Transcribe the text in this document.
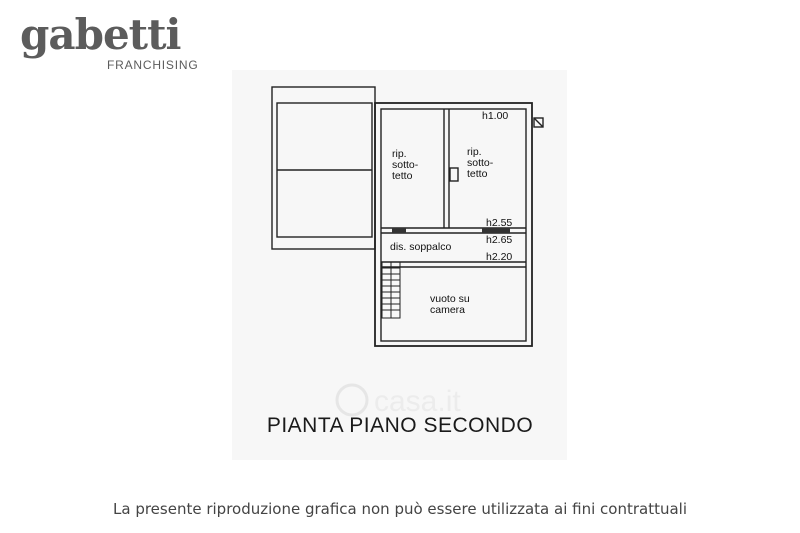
gabetti
FRANCHISING
rip.
sotto-
tetto
rip.
sotto-
tetto
h1.00
h2.55
h2.65
h2.20
dis. soppalco
vuoto su
camera
casa.it
PIANTA PIANO SECONDO
La presente riproduzione grafica non può essere utilizzata ai fini contrattuali
